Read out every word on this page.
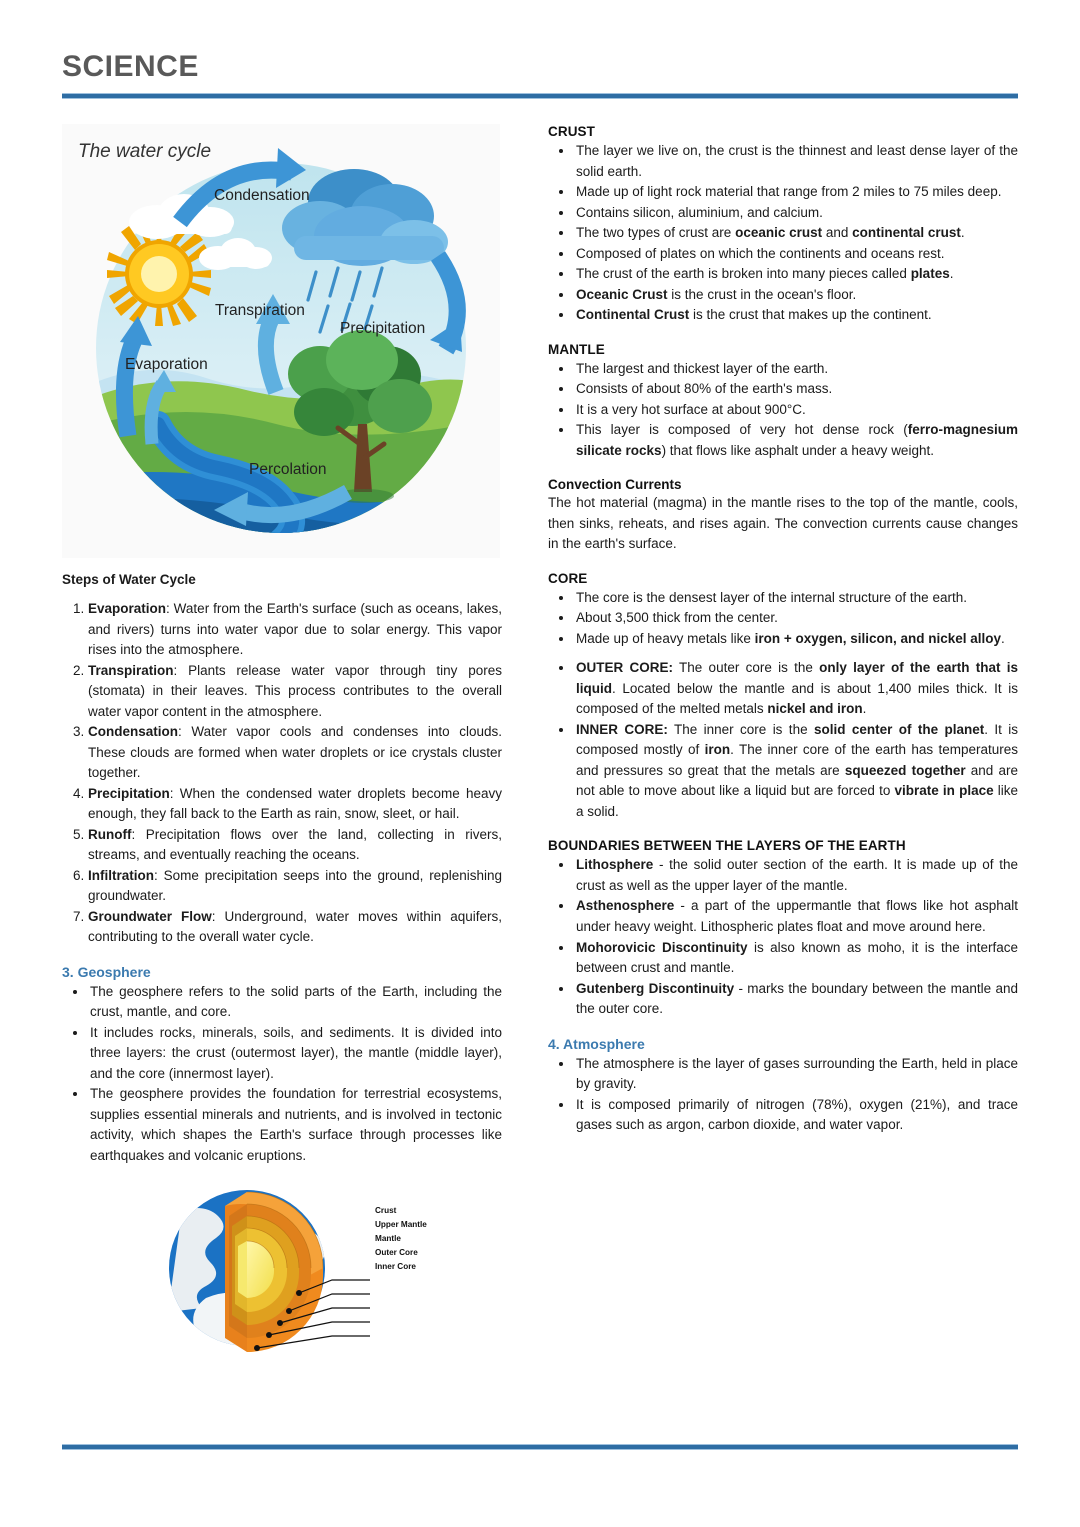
SCIENCE
The water cycle
Condensation
Transpiration
Precipitation
Evaporation
Percolation
Steps of Water Cycle
1. Evaporation: Water from the Earth's surface (such as oceans, lakes, and rivers) turns into water vapor due to solar energy. This vapor rises into the atmosphere.
2. Transpiration: Plants release water vapor through tiny pores (stomata) in their leaves. This process contributes to the overall water vapor content in the atmosphere.
3. Condensation: Water vapor cools and condenses into clouds. These clouds are formed when water droplets or ice crystals cluster together.
4. Precipitation: When the condensed water droplets become heavy enough, they fall back to the Earth as rain, snow, sleet, or hail.
5. Runoff: Precipitation flows over the land, collecting in rivers, streams, and eventually reaching the oceans.
6. Infiltration: Some precipitation seeps into the ground, replenishing groundwater.
7. Groundwater Flow: Underground, water moves within aquifers, contributing to the overall water cycle.
3. Geosphere
• The geosphere refers to the solid parts of the Earth, including the crust, mantle, and core.
• It includes rocks, minerals, soils, and sediments. It is divided into three layers: the crust (outermost layer), the mantle (middle layer), and the core (innermost layer).
• The geosphere provides the foundation for terrestrial ecosystems, supplies essential minerals and nutrients, and is involved in tectonic activity, which shapes the Earth's surface through processes like earthquakes and volcanic eruptions.
Crust
Upper Mantle
Mantle
Outer Core
Inner Core
CRUST
• The layer we live on, the crust is the thinnest and least dense layer of the solid earth.
• Made up of light rock material that range from 2 miles to 75 miles deep.
• Contains silicon, aluminium, and calcium.
• The two types of crust are oceanic crust and continental crust.
• Composed of plates on which the continents and oceans rest.
• The crust of the earth is broken into many pieces called plates.
• Oceanic Crust is the crust in the ocean's floor.
• Continental Crust is the crust that makes up the continent.
MANTLE
• The largest and thickest layer of the earth.
• Consists of about 80% of the earth's mass.
• It is a very hot surface at about 900°C.
• This layer is composed of very hot dense rock (ferro-magnesium silicate rocks) that flows like asphalt under a heavy weight.
Convection Currents

The hot material (magma) in the mantle rises to the top of the mantle, cools, then sinks, reheats, and rises again. The convection currents cause changes in the earth's surface.

CORE
• The core is the densest layer of the internal structure of the earth.
• About 3,500 thick from the center.
• Made up of heavy metals like iron + oxygen, silicon, and nickel alloy.
• OUTER CORE: The outer core is the only layer of the earth that is liquid. Located below the mantle and is about 1,400 miles thick. It is composed of the melted metals nickel and iron.
• INNER CORE: The inner core is the solid center of the planet. It is composed mostly of iron. The inner core of the earth has temperatures and pressures so great that the metals are squeezed together and are not able to move about like a liquid but are forced to vibrate in place like a solid.
BOUNDARIES BETWEEN THE LAYERS OF THE EARTH
• Lithosphere - the solid outer section of the earth. It is made up of the crust as well as the upper layer of the mantle.
• Asthenosphere - a part of the uppermantle that flows like hot asphalt under heavy weight. Lithospheric plates float and move around here.
• Mohorovicic Discontinuity is also known as moho, it is the interface between crust and mantle.
• Gutenberg Discontinuity - marks the boundary between the mantle and the outer core.
4. Atmosphere
• The atmosphere is the layer of gases surrounding the Earth, held in place by gravity.
• It is composed primarily of nitrogen (78%), oxygen (21%), and trace gases such as argon, carbon dioxide, and water vapor.
